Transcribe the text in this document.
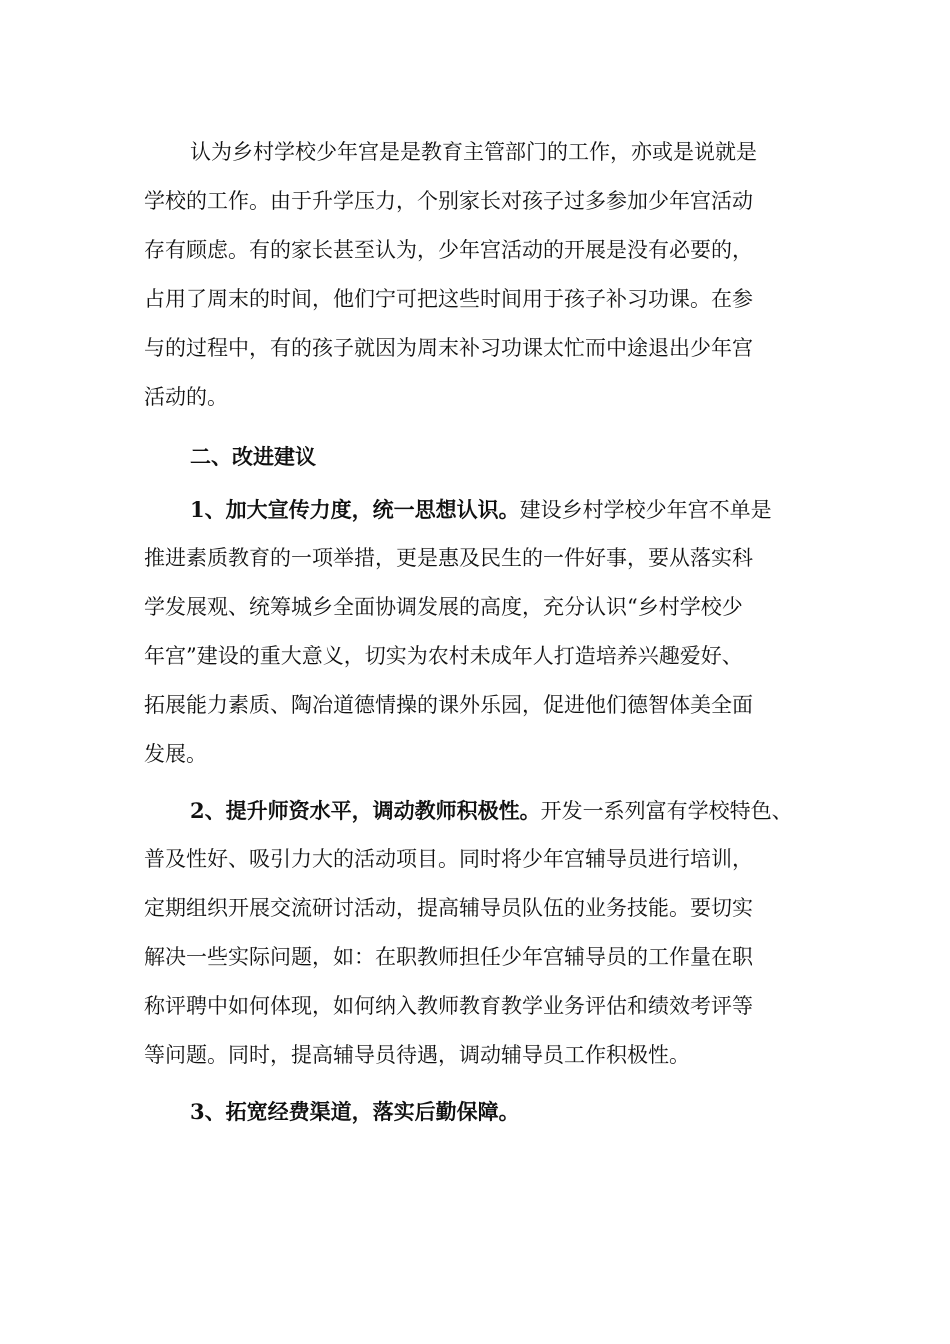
认为乡村学校少年宫是是教育主管部门的工作，亦或是说就是
学校的工作。由于升学压力，个别家长对孩子过多参加少年宫活动
存有顾虑。有的家长甚至认为，少年宫活动的开展是没有必要的，
占用了周末的时间，他们宁可把这些时间用于孩子补习功课。在参
与的过程中，有的孩子就因为周末补习功课太忙而中途退出少年宫
活动的。
二、改进建议
1、加大宣传力度，统一思想认识。建设乡村学校少年宫不单是
推进素质教育的一项举措，更是惠及民生的一件好事，要从落实科
学发展观、统筹城乡全面协调发展的高度，充分认识“乡村学校少
年宫”建设的重大意义，切实为农村未成年人打造培养兴趣爱好、
拓展能力素质、陶冶道德情操的课外乐园，促进他们德智体美全面
发展。
2、提升师资水平，调动教师积极性。开发一系列富有学校特色、
普及性好、吸引力大的活动项目。同时将少年宫辅导员进行培训，
定期组织开展交流研讨活动，提高辅导员队伍的业务技能。要切实
解决一些实际问题，如：在职教师担任少年宫辅导员的工作量在职
称评聘中如何体现，如何纳入教师教育教学业务评估和绩效考评等
等问题。同时，提高辅导员待遇，调动辅导员工作积极性。
3、拓宽经费渠道，落实后勤保障。
